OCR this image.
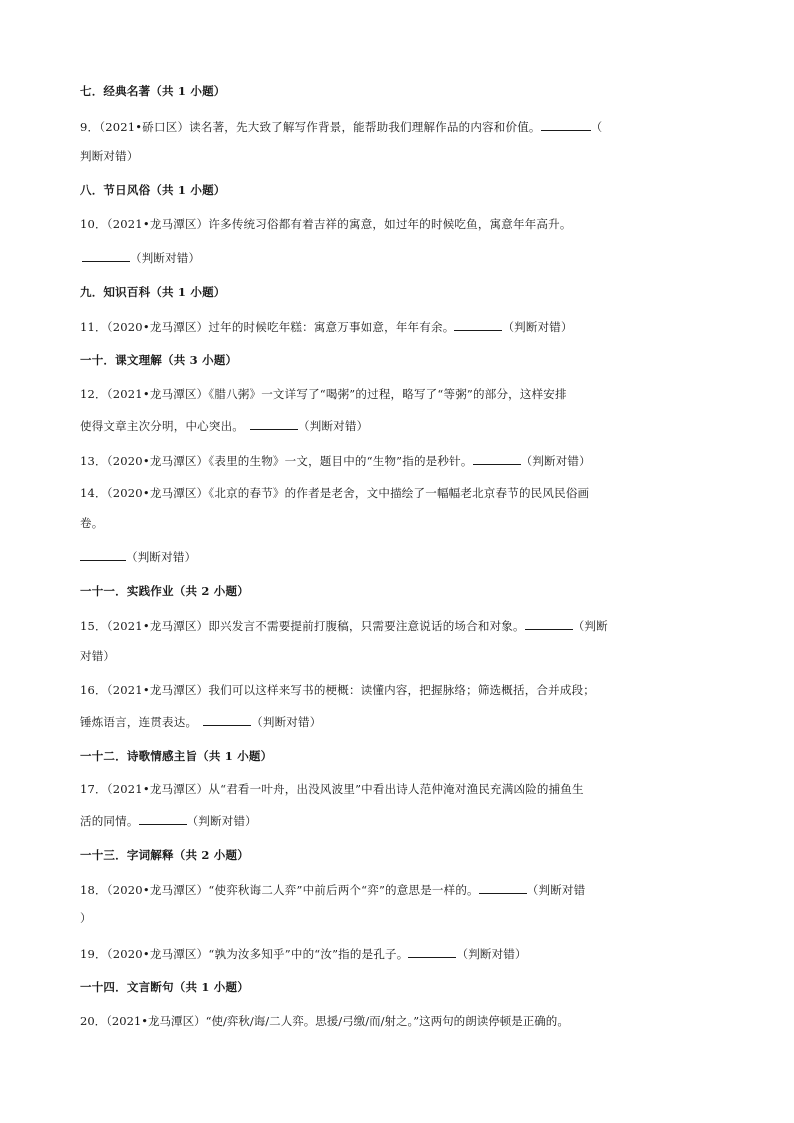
七．经典名著（共 1 小题）
9．（2021•硚口区）读名著，先大致了解写作背景，能帮助我们理解作品的内容和价值。	（
判断对错）
八．节日风俗（共 1 小题）
10．（2021•龙马潭区）许多传统习俗都有着吉祥的寓意，如过年的时候吃鱼，寓意年年高升。
（判断对错）
九．知识百科（共 1 小题）
11．（2020•龙马潭区）过年的时候吃年糕：寓意万事如意，年年有余。	（判断对错）
一十．课文理解（共 3 小题）
12．（2021•龙马潭区）《腊八粥》一文详写了“喝粥”的过程，略写了“等粥”的部分，这样安排
使得文章主次分明，中心突出。	（判断对错）
13．（2020•龙马潭区）《表里的生物》一文，题目中的“生物”指的是秒针。	（判断对错）
14．（2020•龙马潭区）《北京的春节》的作者是老舍，文中描绘了一幅幅老北京春节的民风民俗画
卷。
（判断对错）
一十一．实践作业（共 2 小题）
15．（2021•龙马潭区）即兴发言不需要提前打腹稿，只需要注意说话的场合和对象。	（判断
对错）
16．（2021•龙马潭区）我们可以这样来写书的梗概：读懂内容，把握脉络；筛选概括，合并成段；
锤炼语言，连贯表达。	（判断对错）
一十二．诗歌情感主旨（共 1 小题）
17．（2021•龙马潭区）从“君看一叶舟，出没风波里”中看出诗人范仲淹对渔民充满凶险的捕鱼生
活的同情。	（判断对错）
一十三．字词解释（共 2 小题）
18．（2020•龙马潭区）“使弈秋诲二人弈”中前后两个“弈”的意思是一样的。	（判断对错
）
19．（2020•龙马潭区）“孰为汝多知乎”中的“汝”指的是孔子。	（判断对错）
一十四．文言断句（共 1 小题）
20．（2021•龙马潭区）“使/弈秋/诲/二人弈。思援/弓缴/而/射之。”这两句的朗读停顿是正确的。
